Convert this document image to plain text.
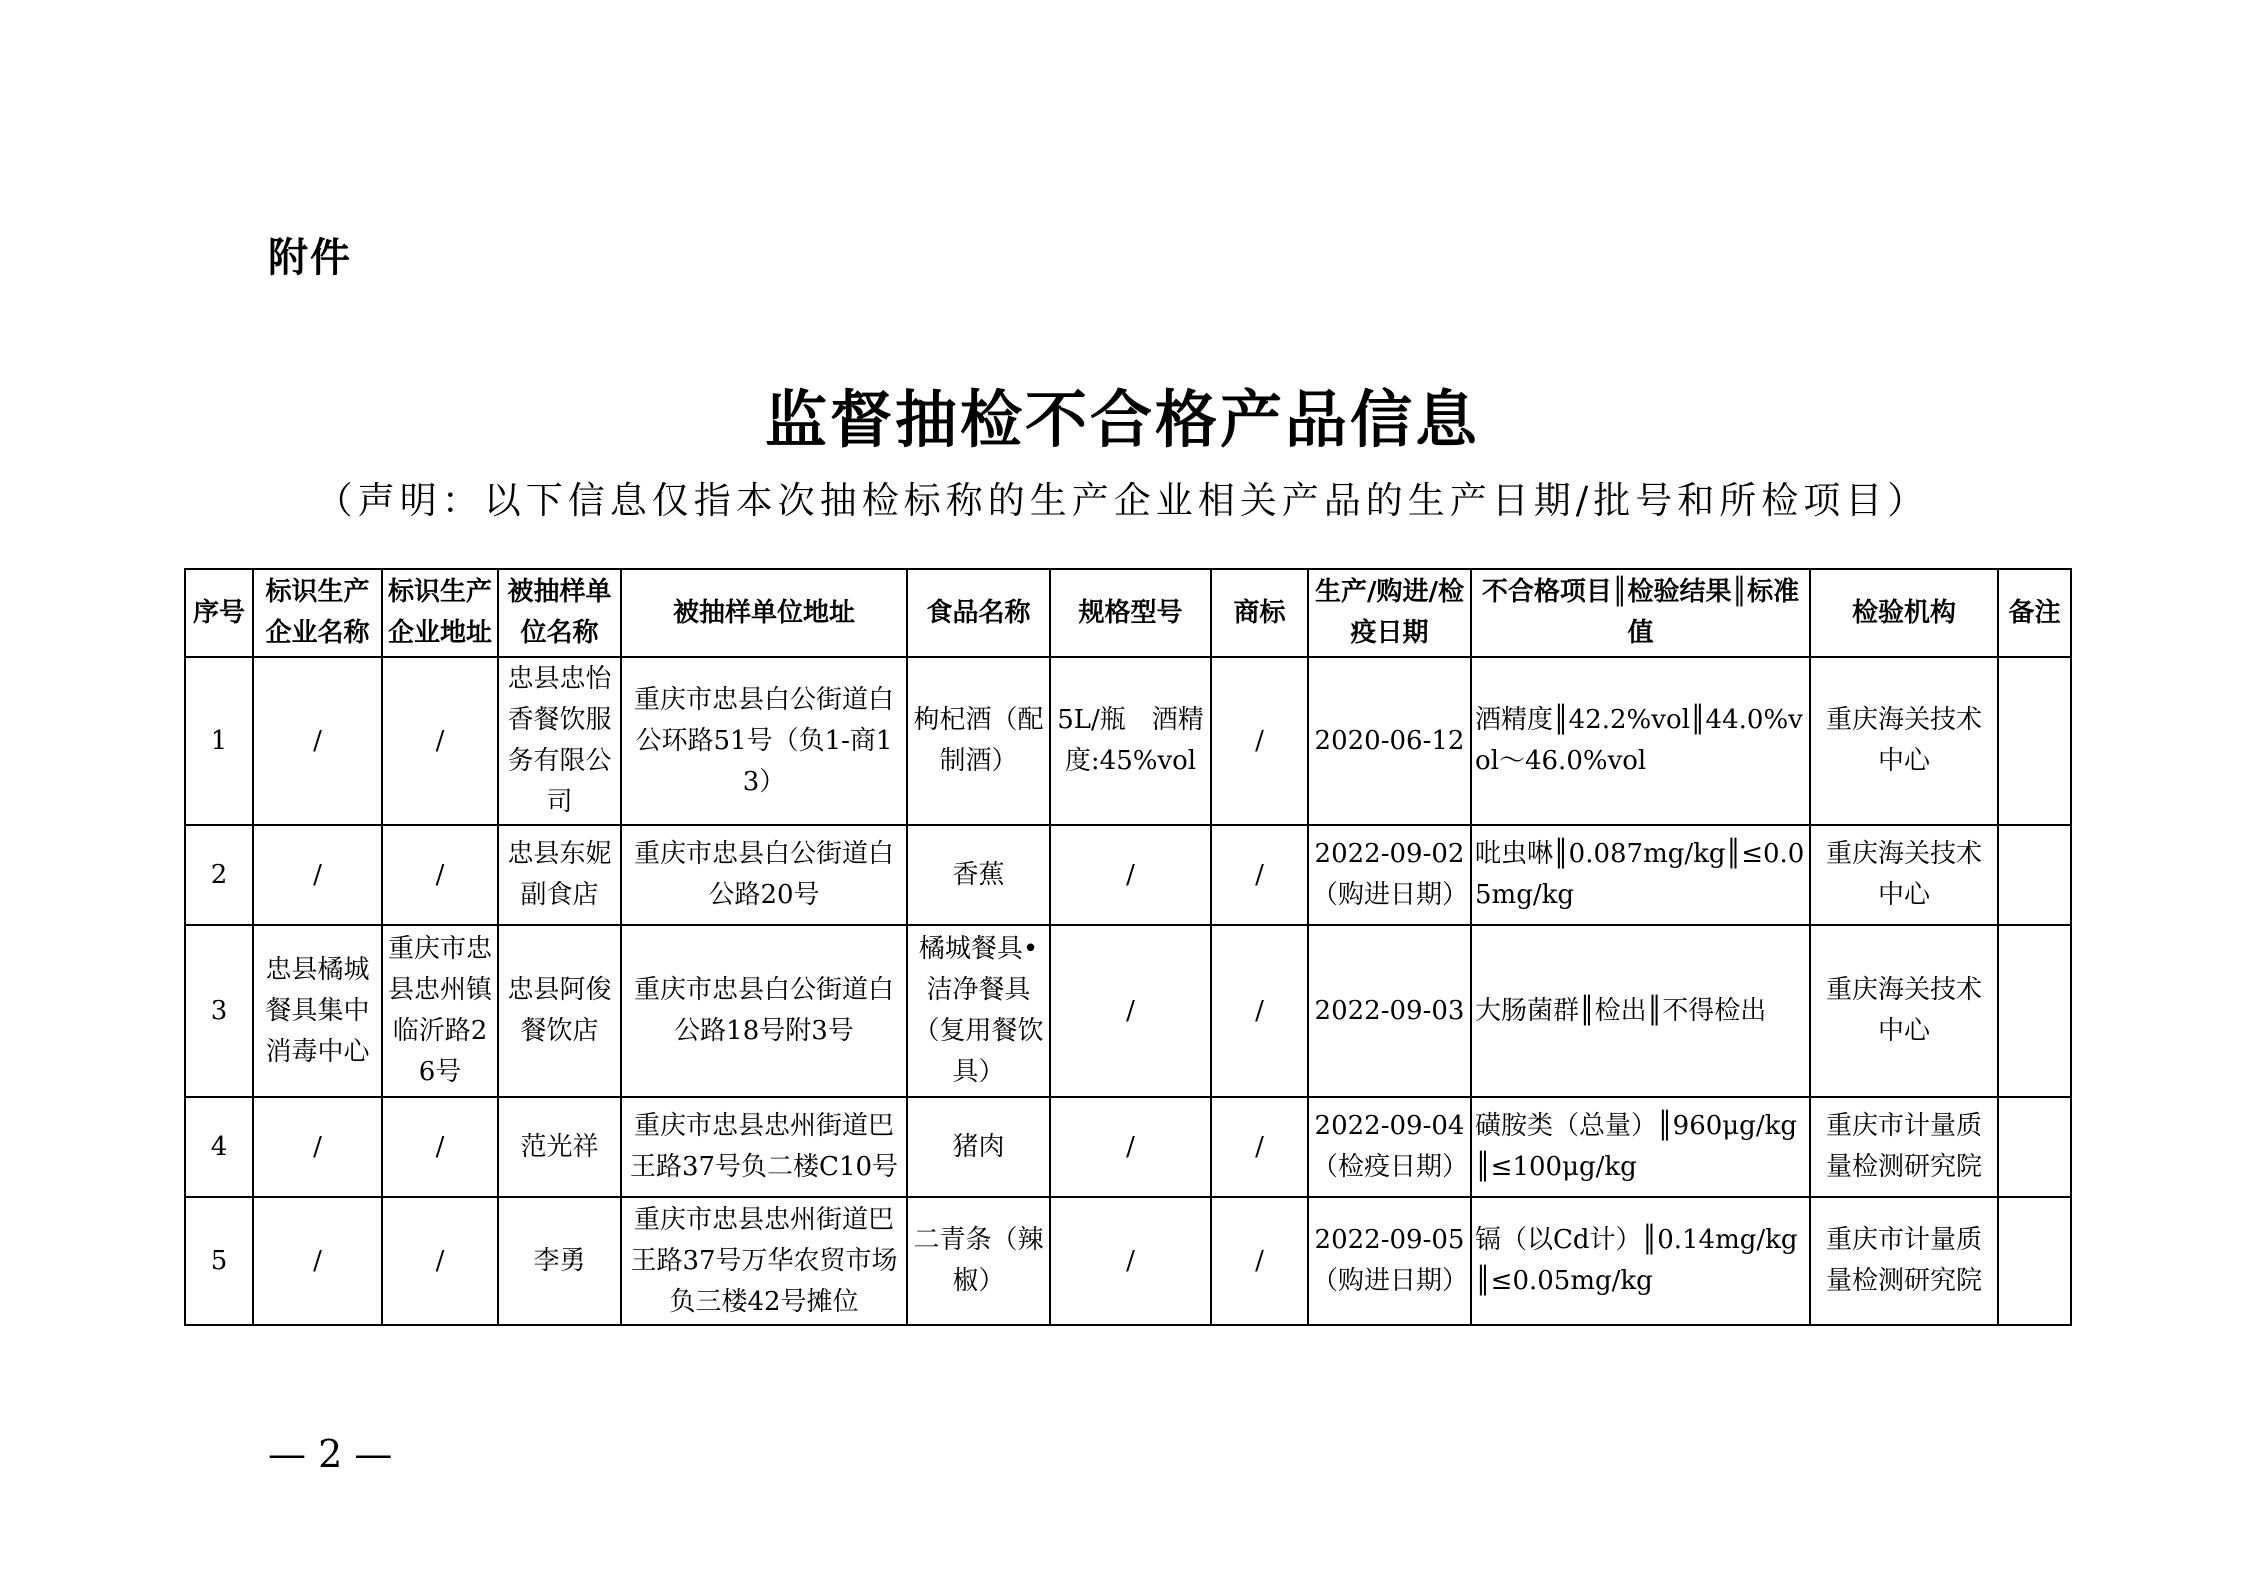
附件
监督抽检不合格产品信息
（声明：以下信息仅指本次抽检标称的生产企业相关产品的生产日期/批号和所检项目）
序号	标识生产企业名称	标识生产企业地址	被抽样单位名称	被抽样单位地址	食品名称	规格型号	商标	生产/购进/检疫日期	不合格项目║检验结果║标准值	检验机构	备注
1	/	/	忠县忠怡香餐饮服务有限公司	重庆市忠县白公街道白公环路51号（负1-商13）	枸杞酒（配制酒）	5L/瓶　酒精度:45%vol	/	2020-06-12	酒精度║42.2%vol║44.0%vol～46.0%vol	重庆海关技术中心	
2	/	/	忠县东妮副食店	重庆市忠县白公街道白公路20号	香蕉	/	/	2022-09-02（购进日期）	吡虫啉║0.087mg/kg║≤0.05mg/kg	重庆海关技术中心	
3	忠县橘城餐具集中消毒中心	重庆市忠县忠州镇临沂路26号	忠县阿俊餐饮店	重庆市忠县白公街道白公路18号附3号	橘城餐具•洁净餐具（复用餐饮具）	/	/	2022-09-03	大肠菌群║检出║不得检出	重庆海关技术中心	
4	/	/	范光祥	重庆市忠县忠州街道巴王路37号负二楼C10号	猪肉	/	/	2022-09-04（检疫日期）	磺胺类（总量）║960μg/kg║≤100μg/kg	重庆市计量质量检测研究院	
5	/	/	李勇	重庆市忠县忠州街道巴王路37号万华农贸市场负三楼42号摊位	二青条（辣椒）	/	/	2022-09-05（购进日期）	镉（以Cd计）║0.14mg/kg║≤0.05mg/kg	重庆市计量质量检测研究院	
— 2 —
